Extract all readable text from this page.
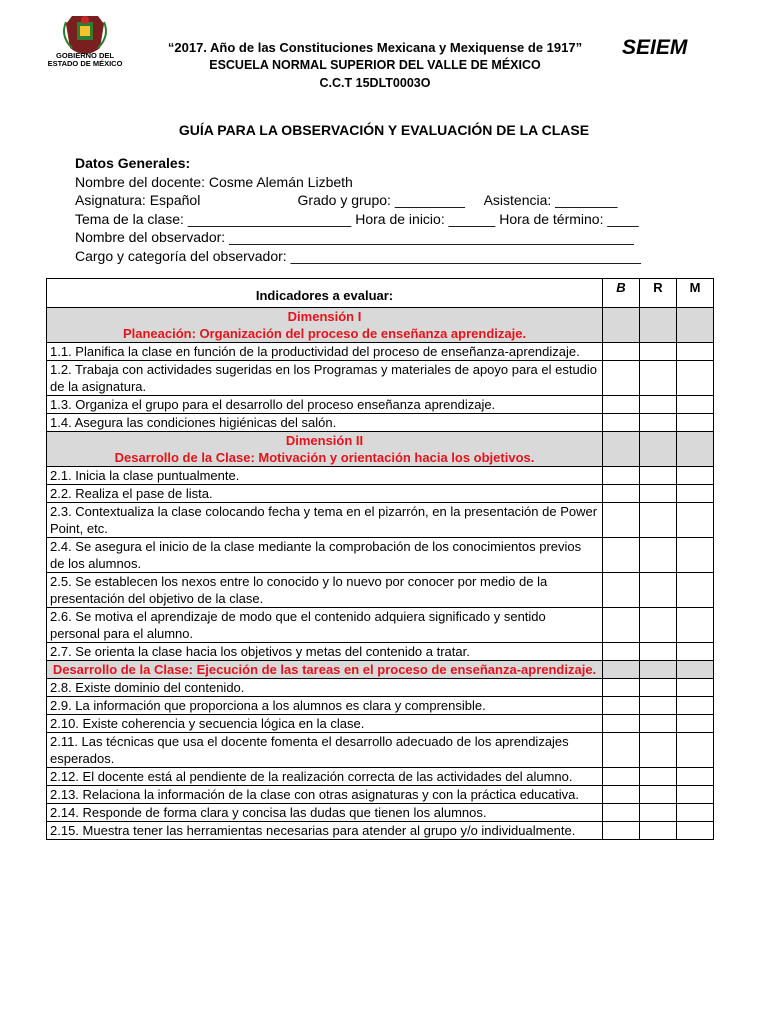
GOBIERNO DEL
ESTADO DE MÉXICO
“2017. Año de las Constituciones Mexicana y Mexiquense de 1917”
ESCUELA NORMAL SUPERIOR DEL VALLE DE MÉXICO
C.C.T 15DLT0003O
SEIEM
GUÍA PARA LA OBSERVACIÓN Y EVALUACIÓN DE LA CLASE
Datos Generales:
Nombre del docente: Cosme Alemán Lizbeth
Asignatura: Español                         Grado y grupo: _________     Asistencia: ________
Tema de la clase: _____________________ Hora de inicio: ______ Hora de término: ____
Nombre del observador: ____________________________________________________
Cargo y categoría del observador: _____________________________________________
Indicadores a evaluar:	B	R	M

Dimensión I
Planeación: Organización del proceso de enseñanza aprendizaje.			

1.1. Planifica la clase en función de la productividad del proceso de enseñanza-aprendizaje.			
1.2. Trabaja con actividades sugeridas en los Programas y materiales de apoyo para el estudio de la asignatura.			
1.3. Organiza el grupo para el desarrollo del proceso enseñanza aprendizaje.			
1.4. Asegura las condiciones higiénicas del salón.			

Dimensión II
Desarrollo de la Clase: Motivación y orientación hacia los objetivos.			

2.1. Inicia la clase puntualmente.			
2.2. Realiza el pase de lista.			
2.3. Contextualiza la clase colocando fecha y tema en el pizarrón, en la presentación de Power Point, etc.			
2.4. Se asegura el inicio de la clase mediante la comprobación de los conocimientos previos de los alumnos.			
2.5. Se establecen los nexos entre lo conocido y lo nuevo por conocer por medio de la presentación del objetivo de la clase.			
2.6. Se motiva el aprendizaje de modo que el contenido adquiera significado y sentido personal para el alumno.			
2.7. Se orienta la clase hacia los objetivos y metas del contenido a tratar.			

Desarrollo de la Clase: Ejecución de las tareas en el proceso de enseñanza-aprendizaje.			

2.8. Existe dominio del contenido.			
2.9. La información que proporciona a los alumnos es clara y comprensible.			
2.10. Existe coherencia y secuencia lógica en la clase.			
2.11. Las técnicas que usa el docente fomenta el desarrollo adecuado de los aprendizajes esperados.			
2.12. El docente está al pendiente de la realización correcta de las actividades del alumno.			
2.13. Relaciona la información de la clase con otras asignaturas y con la práctica educativa.			
2.14. Responde de forma clara y concisa las dudas que tienen los alumnos.			
2.15. Muestra tener las herramientas necesarias para atender al grupo y/o individualmente.			
